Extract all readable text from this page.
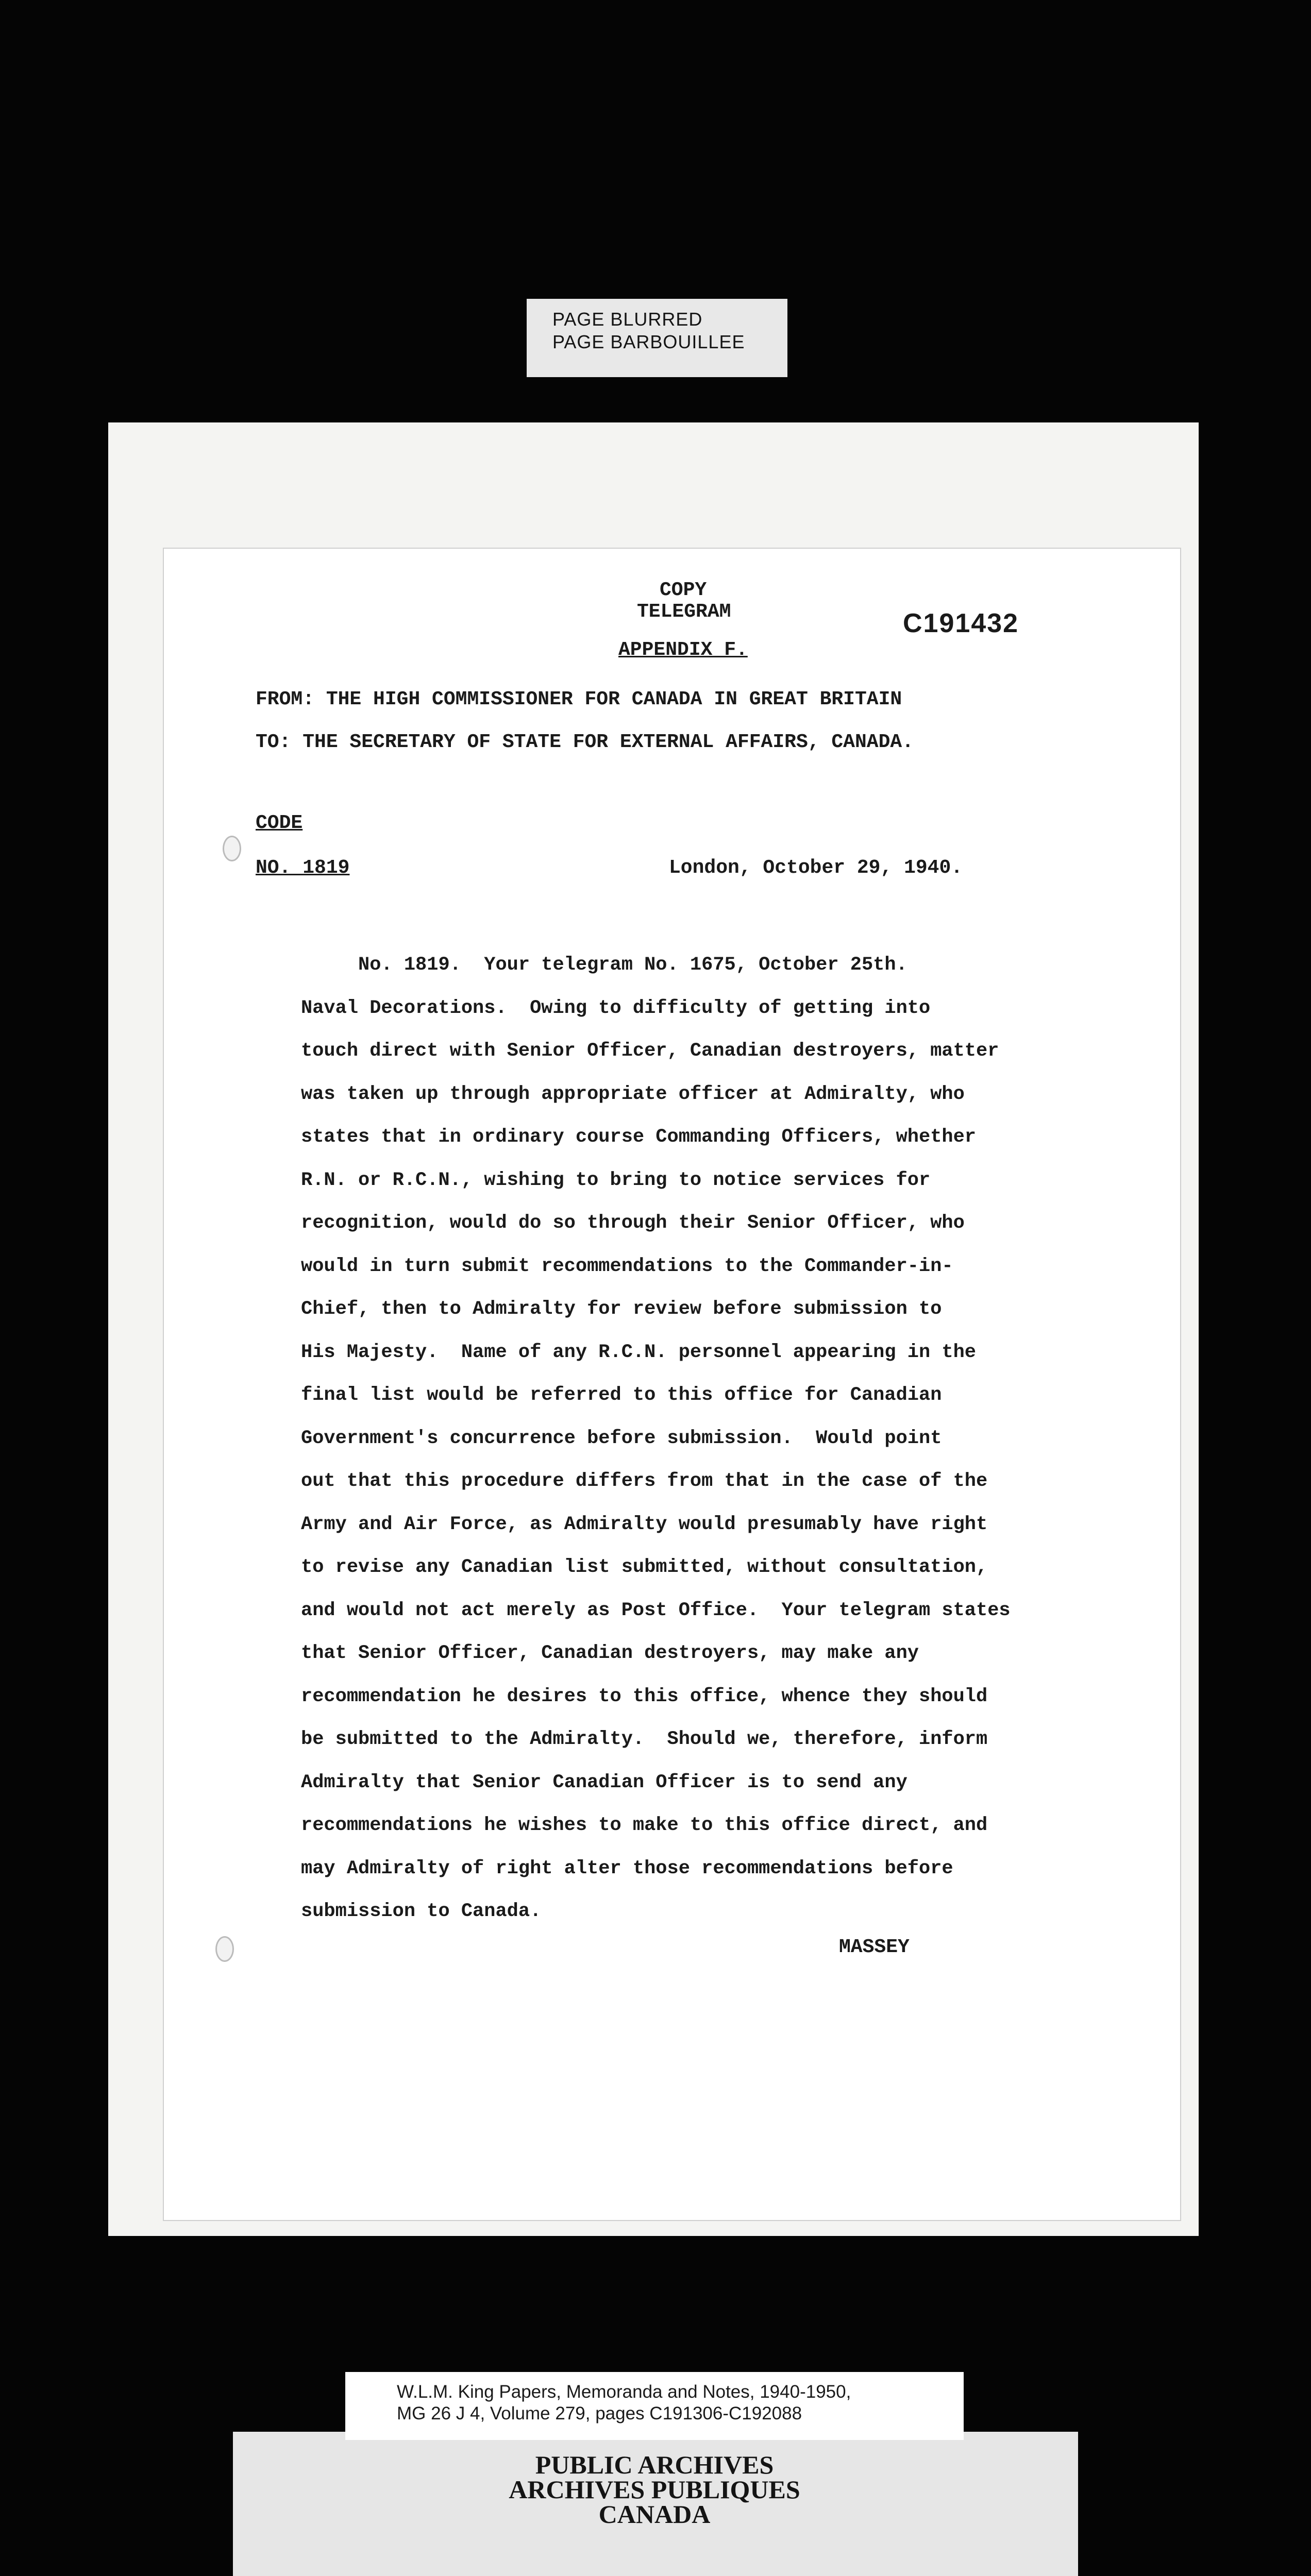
PAGE BLURRED
PAGE BARBOUILLEE
COPY
TELEGRAM
APPENDIX F.
C191432
FROM: THE HIGH COMMISSIONER FOR CANADA IN GREAT BRITAIN
TO: THE SECRETARY OF STATE FOR EXTERNAL AFFAIRS, CANADA.
CODE
NO. 1819	London, October 29, 1940.
No. 1819.  Your telegram No. 1675, October 25th.
Naval Decorations.  Owing to difficulty of getting into
touch direct with Senior Officer, Canadian destroyers, matter
was taken up through appropriate officer at Admiralty, who
states that in ordinary course Commanding Officers, whether
R.N. or R.C.N., wishing to bring to notice services for
recognition, would do so through their Senior Officer, who
would in turn submit recommendations to the Commander-in-
Chief, then to Admiralty for review before submission to
His Majesty.  Name of any R.C.N. personnel appearing in the
final list would be referred to this office for Canadian
Government's concurrence before submission.  Would point
out that this procedure differs from that in the case of the
Army and Air Force, as Admiralty would presumably have right
to revise any Canadian list submitted, without consultation,
and would not act merely as Post Office.  Your telegram states
that Senior Officer, Canadian destroyers, may make any
recommendation he desires to this office, whence they should
be submitted to the Admiralty.  Should we, therefore, inform
Admiralty that Senior Canadian Officer is to send any
recommendations he wishes to make to this office direct, and
may Admiralty of right alter those recommendations before
submission to Canada.
MASSEY
W.L.M. King Papers, Memoranda and Notes, 1940-1950,
MG 26 J 4, Volume 279, pages C191306-C192088
PUBLIC ARCHIVES
ARCHIVES PUBLIQUES
CANADA
